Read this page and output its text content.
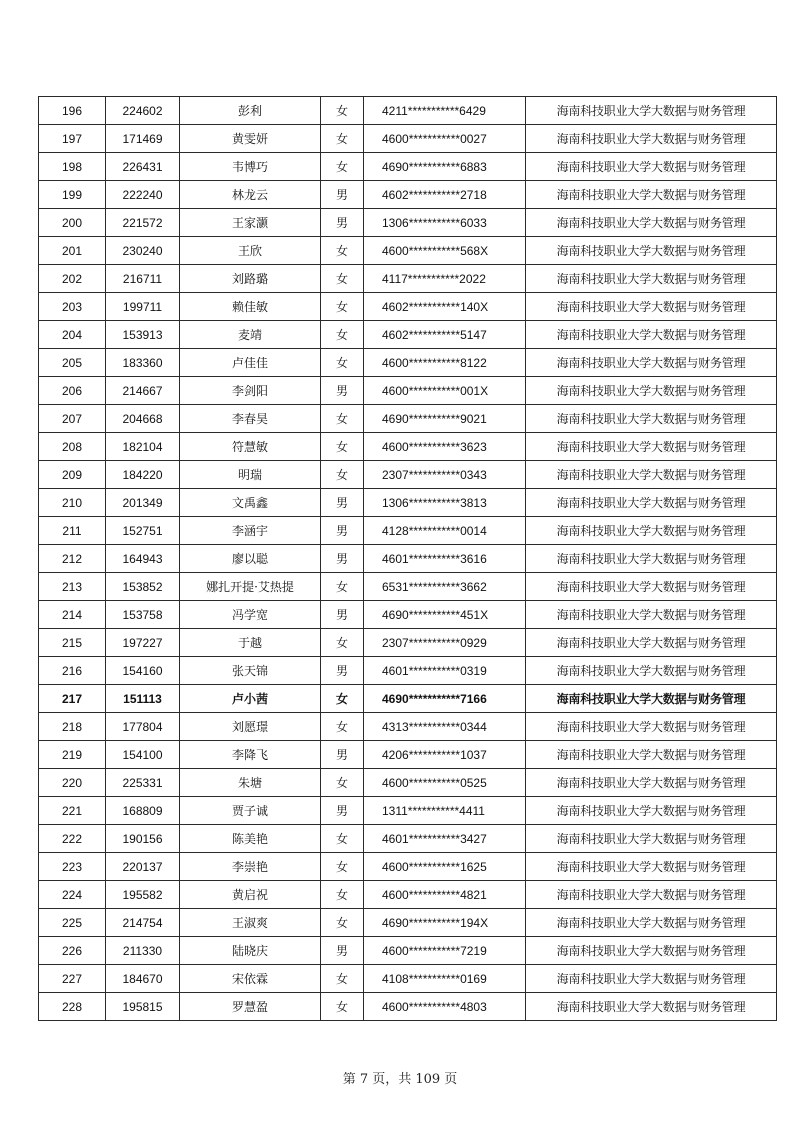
196	224602	彭利	女	4211***********6429	海南科技职业大学大数据与财务管理
197	171469	黄雯妍	女	4600***********0027	海南科技职业大学大数据与财务管理
198	226431	韦博巧	女	4690***********6883	海南科技职业大学大数据与财务管理
199	222240	林龙云	男	4602***********2718	海南科技职业大学大数据与财务管理
200	221572	王家灏	男	1306***********6033	海南科技职业大学大数据与财务管理
201	230240	王欣	女	4600***********568X	海南科技职业大学大数据与财务管理
202	216711	刘路璐	女	4117***********2022	海南科技职业大学大数据与财务管理
203	199711	赖佳敏	女	4602***********140X	海南科技职业大学大数据与财务管理
204	153913	麦靖	女	4602***********5147	海南科技职业大学大数据与财务管理
205	183360	卢佳佳	女	4600***********8122	海南科技职业大学大数据与财务管理
206	214667	李剑阳	男	4600***********001X	海南科技职业大学大数据与财务管理
207	204668	李春昊	女	4690***********9021	海南科技职业大学大数据与财务管理
208	182104	符慧敏	女	4600***********3623	海南科技职业大学大数据与财务管理
209	184220	明瑞	女	2307***********0343	海南科技职业大学大数据与财务管理
210	201349	文禹鑫	男	1306***********3813	海南科技职业大学大数据与财务管理
211	152751	李涵宇	男	4128***********0014	海南科技职业大学大数据与财务管理
212	164943	廖以聪	男	4601***********3616	海南科技职业大学大数据与财务管理
213	153852	娜扎开提·艾热提	女	6531***********3662	海南科技职业大学大数据与财务管理
214	153758	冯学宽	男	4690***********451X	海南科技职业大学大数据与财务管理
215	197227	于越	女	2307***********0929	海南科技职业大学大数据与财务管理
216	154160	张天锦	男	4601***********0319	海南科技职业大学大数据与财务管理
217	151113	卢小茜	女	4690***********7166	海南科技职业大学大数据与财务管理
218	177804	刘愿璟	女	4313***********0344	海南科技职业大学大数据与财务管理
219	154100	李降飞	男	4206***********1037	海南科技职业大学大数据与财务管理
220	225331	朱塘	女	4600***********0525	海南科技职业大学大数据与财务管理
221	168809	贾子诚	男	1311***********4411	海南科技职业大学大数据与财务管理
222	190156	陈美艳	女	4601***********3427	海南科技职业大学大数据与财务管理
223	220137	李崇艳	女	4600***********1625	海南科技职业大学大数据与财务管理
224	195582	黄启祝	女	4600***********4821	海南科技职业大学大数据与财务管理
225	214754	王淑爽	女	4690***********194X	海南科技职业大学大数据与财务管理
226	211330	陆晓庆	男	4600***********7219	海南科技职业大学大数据与财务管理
227	184670	宋依霖	女	4108***********0169	海南科技职业大学大数据与财务管理
228	195815	罗慧盈	女	4600***********4803	海南科技职业大学大数据与财务管理
第 7 页，共 109 页
